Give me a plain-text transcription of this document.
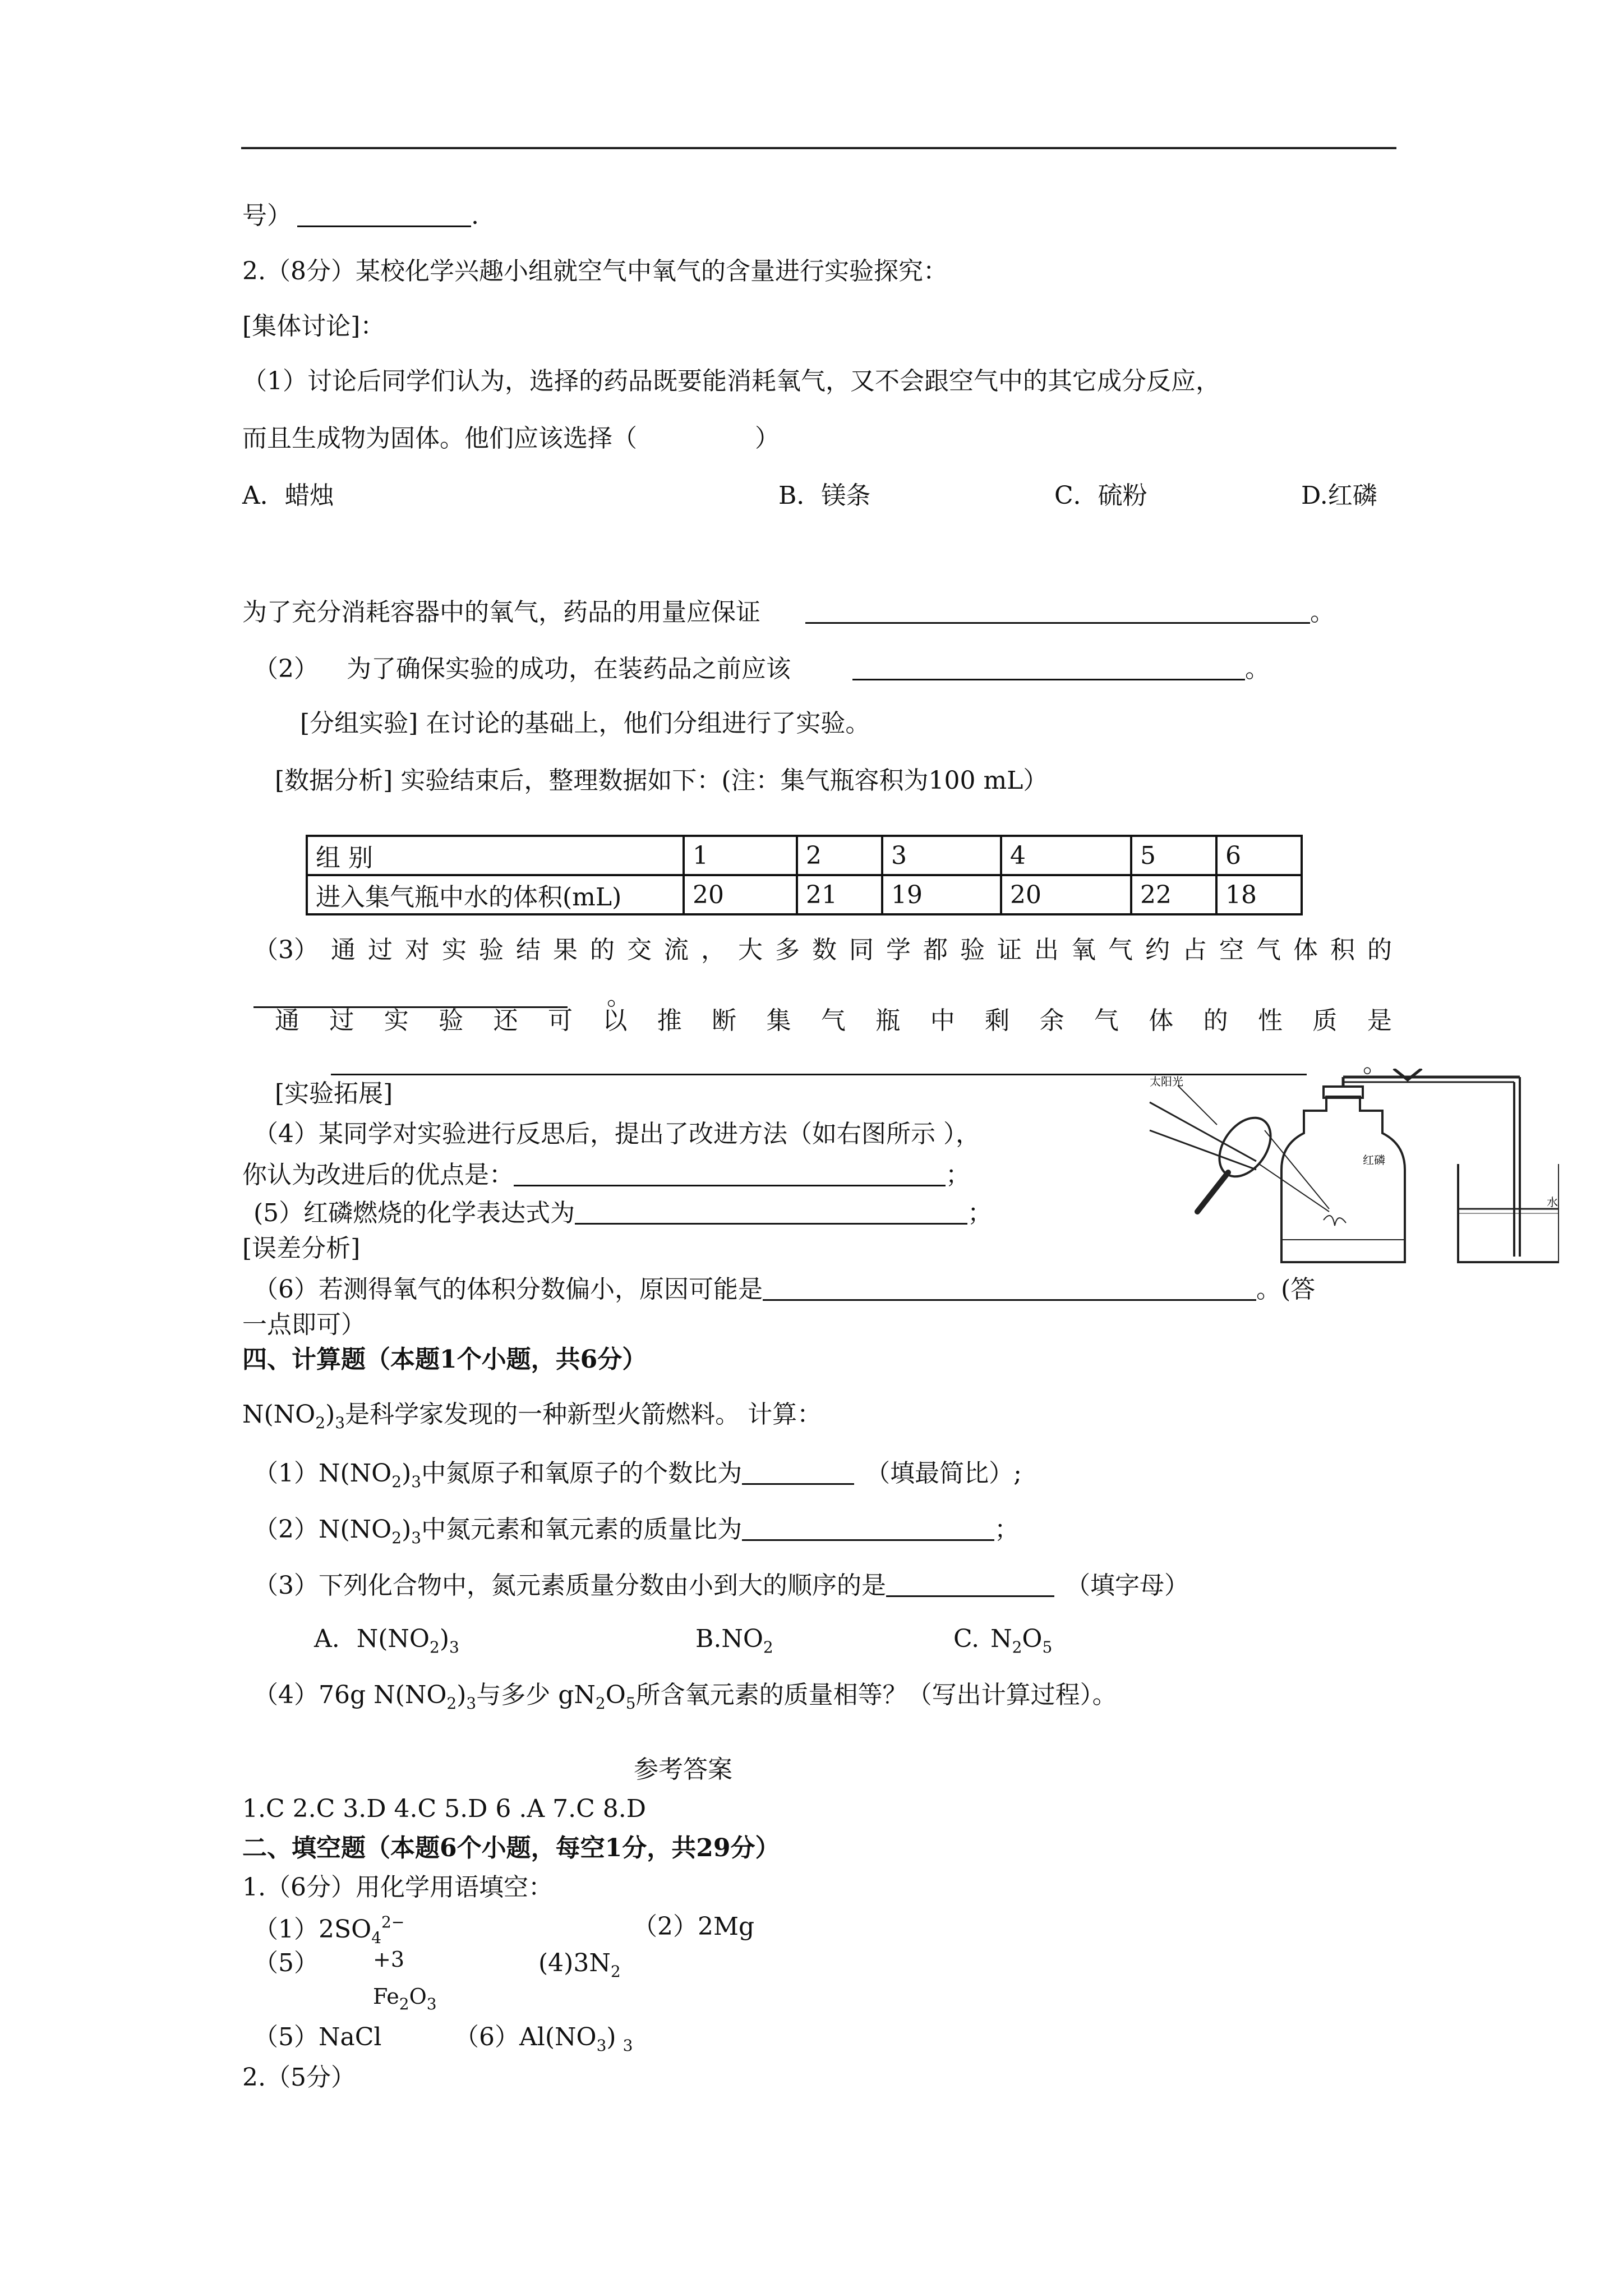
号）	.
2.（8分）某校化学兴趣小组就空气中氧气的含量进行实验探究：
[集体讨论]：
（1）讨论后同学们认为，选择的药品既要能消耗氧气，又不会跟空气中的其它成分反应，
而且生成物为固体。他们应该选择（	）
A．蜡烛	B．镁条	C．硫粉	D.红磷
为了充分消耗容器中的氧气，药品的用量应保证	。
（2） 为了确保实验的成功，在装药品之前应该	。
[分组实验] 在讨论的基础上，他们分组进行了实验。
[数据分析] 实验结束后，整理数据如下：(注：集气瓶容积为100 mL）
组 别	1	2	3	4	5	6
进入集气瓶中水的体积(mL)	20	21	19	20	22	18
（3） 通 过 对 实 验 结 果 的 交 流 ， 大 多 数 同 学 都 验 证 出 氧 气 约 占 空 气 体 积 的
。
通 过 实 验 还 可 以 推 断 集 气 瓶 中 剩 余 气 体 的 性 质 是
。
[实验拓展]
（4）某同学对实验进行反思后，提出了改进方法（如右图所示 ），
你认为改进后的优点是：	；
(5）红磷燃烧的化学表达式为	；
[误差分析]
（6）若测得氧气的体积分数偏小，原因可能是	。(答
一点即可）
太阳光
红磷
水
四、计算题（本题1个小题，共6分）
$N(NO_2)_3$是科学家发现的一种新型火箭燃料。 计算：
$(1)N(NO_2)_3$中氮原子和氧原子的个数比为	（填最简比）;
$(2)N(NO_2)_3$中氮元素和氧元素的质量比为	；
（3）下列化合物中，氮元素质量分数由小到大的顺序的是	（填字母）
A. $N(NO_2)_3$	$B.NO_2$	C. $N_2O_5$
（4）76g $N(NO_2)_3$与多少 $gN_2O_5$所含氧元素的质量相等？（写出计算过程）。
参考答案
1.C 2.C 3.D 4.C 5.D 6 .A 7.C 8.D
二、填空题（本题6个小题，每空1分，共29分）
1.（6分）用化学用语填空：
$(1)2SO_4^{2-}$	（2）2Mg
（5）	+3	$(4)3N_2$
$Fe_2O_3$
（5）NaCl	$(6)Al(NO_3)$ $_3$
2.（5分）
